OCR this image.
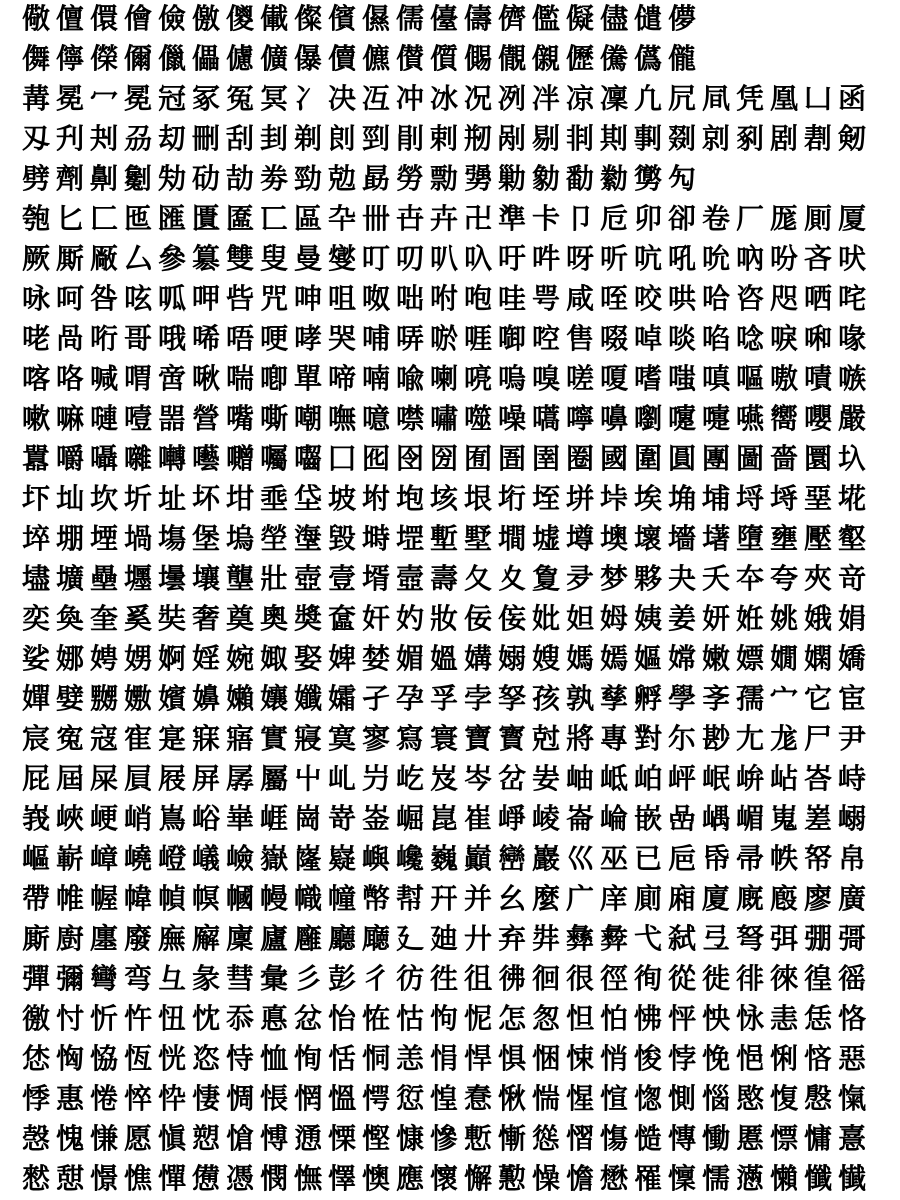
儆儃儇儈儉儌儍儎儏儐儑儒儓儔儕儖儗儘儙儚
儛儜儝儞儠儡儢儣儤儥儦儧儨儩儬儭儮儯儰儱
冓冕冖冕冠冢冤冥冫决冱冲冰况冽冸凉凜凢凥凬凭凰凵函
刄刋刔刕刧刪刮刲剃剆剄剈剌剏剐剔剕剘剚剟剠剢剧剨剱
劈劑劓劖劮劯劼劵勁勊勗勞勡勥勦勨勫勬勶勼
匏匕匚匜匯匱匲匸區卆卌卋卉卍準卡卩卮卯卻卷厂厖厠厦
厥厮厰厶參簒雙叟曼燮叮叨叭叺吁吽呀听吭吼吮吶吩吝吠
咏呵咎呟呱呷呰咒呻咀呶咄咐咆哇咢咸咥咬哄哈咨咫哂咤
咾咼哘哥哦唏唔哽哮哭哺哢唹啀啣啌售啜啅啖啗唸唳啝喙
喀咯喊喟啻啾喘喞單啼喃喩喇喨嗚嗅嗟嗄嗜嗤嗔嘔嗷嘖嗾
嗽嘛嗹噎噐營嘴嘶嘲嘸噫噤嘯噬噪嚆嚀嚊嚠嚔嚏嚥嚮嚶嚴
囂嚼囁囃囀囈囎囑囓囗囮囹圀囿圄圉圈國圍圓團圖嗇圜圦
圷圸坎圻址坏坩埀垈坡坿垉垓垠垳垤垪垰埃埆埔埒埓堊埖
埣堋堙堝塲堡塢塋塰毀塒堽塹墅墹墟墫墺壞墻墸墮壅壓壑
壗壙壘壥壜壤壟壯壺壹壻壼壽夂夊夐夛梦夥夬夭夲夸夾竒
奕奐奎奚奘奢奠奧奬奩奸妁妝佞侫妣妲姆姨姜妍姙姚娥娟
娑娜娉娚婀婬婉娵娶婢婪媚媼媾嫋嫂媽嫣嫗嫦嫩嫖嫺嫻嬌
嬋嬖嬲嫐嬪嬶嬾孃孅孀孑孕孚孛孥孩孰孳孵學斈孺宀它宦
宸寃寇寉寔寐寤實寢寞寥寫寰寶寳尅將專對尓尠尢尨尸尹
屁屆屎屓屐屏孱屬屮乢屶屹岌岑岔妛岫岻岶岼岷峅岾峇峙
峩峽峺峭嶌峪崋崕崗嵜崟崛崑崔崢崚崙崘嵌嵒嵎嵋嵬嵳嵶
嶇嶄嶂嶢嶝嶬嶮嶽嶐嶷嶼巉巍巓巒巖巛巫已巵帋帚帙帑帛
帶帷幄幃幀幎幗幔幟幢幤幇幵并幺麼广庠廁廂廈廐廏廖廣
廝廚廛廢廡廨廩廬廱廳廰廴廸廾弃弉彝彜弋弑弖弩弭弸彁
彈彌彎弯彑彖彗彙彡彭彳彷徃徂彿徊很徑徇從徙徘徠徨徭
徼忖忻忤忸忱忝悳忿怡恠怙怐怩怎怱怛怕怫怦怏怺恚恁恪
恷恟恊恆恍恣恃恤恂恬恫恙悁悍惧悃悚悄悛悖悗悒悧悋惡
悸惠惓悴忰悽惆悵惘慍愕愆惶惷愀惴惺愃愡惻惱愍愎慇愾
愨愧慊愿愼愬愴愽慂慄慳慷慘慙慚慫慴慯慥慱慟慝慓慵憙
憖憇憬憔憚憊憑憫憮懌懊應懷懈懃懆憺懋罹懍懦懣懶懺懴
